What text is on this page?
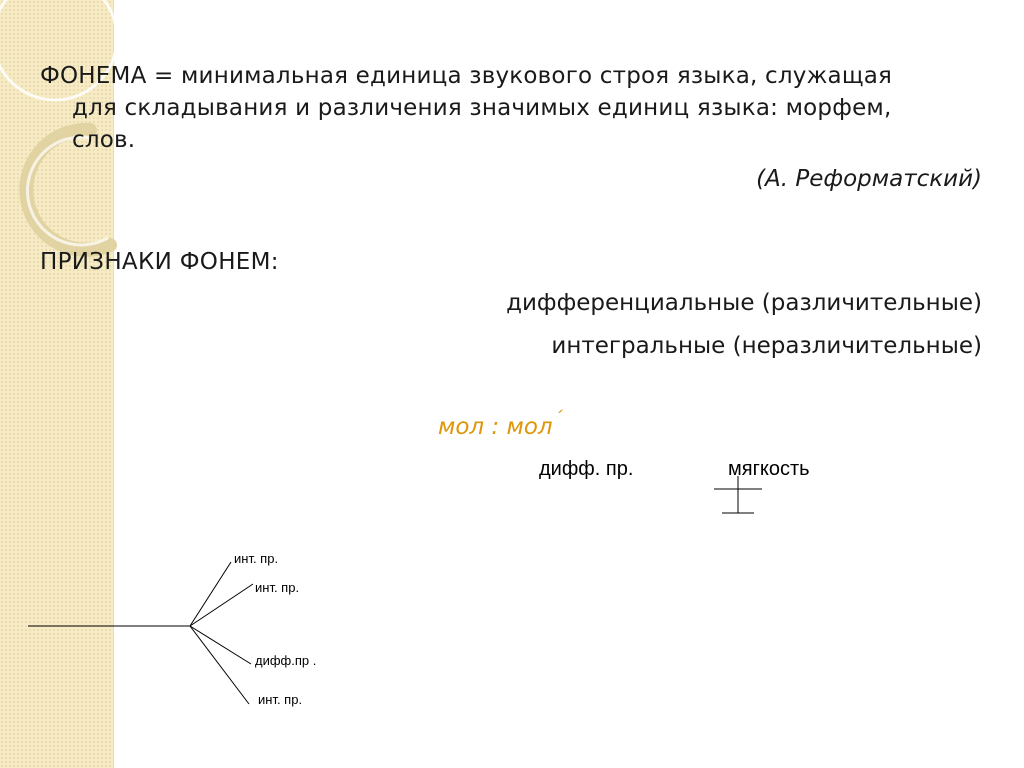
ФОНЕМА = минимальная единица звукового строя языка, служащая
для складывания и различения значимых единиц языка: морфем,
слов.
(А. Реформатский)
ПРИЗНАКИ ФОНЕМ:
дифференциальные (различительные)
интегральные (неразличительные)
мол : мол´
дифф. пр.	мягкость
инт. пр.
инт. пр.
дифф.пр .
инт. пр.
